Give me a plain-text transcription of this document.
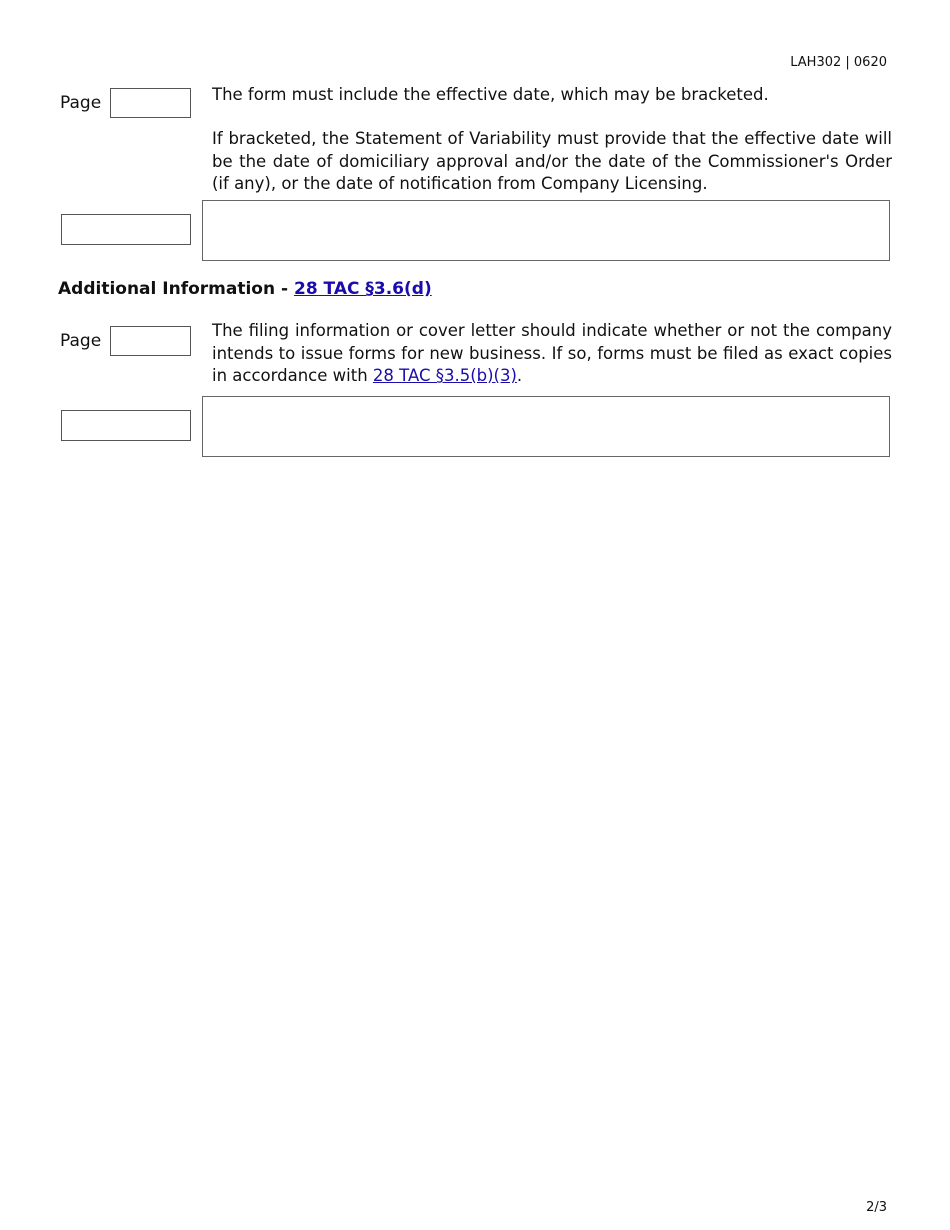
LAH302 | 0620
Page	The form must include the effective date, which may be bracketed.
If bracketed, the Statement of Variability must provide that the effective date will be the date of domiciliary approval and/or the date of the Commissioner's Order (if any), or the date of notification from Company Licensing.
Additional Information - 28 TAC §3.6(d)
Page
The filing information or cover letter should indicate whether or not the company intends to issue forms for new business. If so, forms must be filed as exact copies in accordance with 28 TAC §3.5(b)(3).
2/3
